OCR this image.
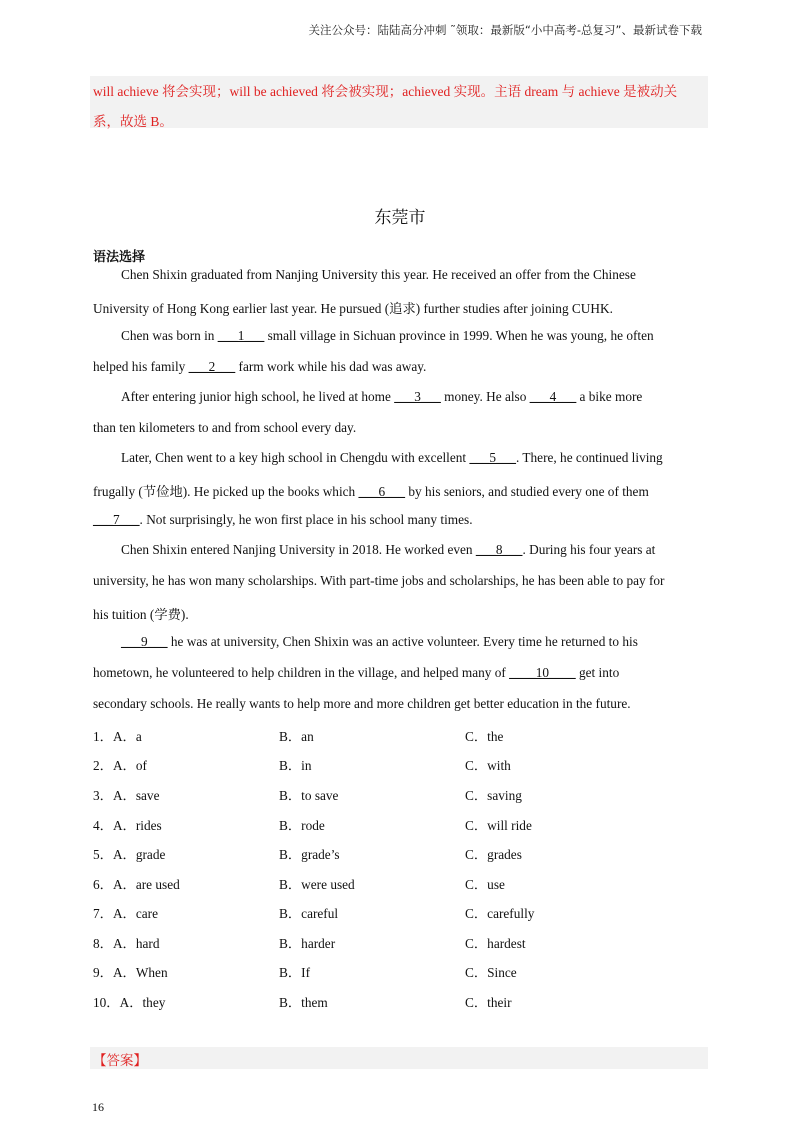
关注公众号：陆陆高分冲刺 ˜领取：最新版“小中高考-总复习”、最新试卷下载
will achieve 将会实现；will be achieved 将会被实现；achieved 实现。主语 dream 与 achieve 是被动关
系，故选 B。
东莞市
语法选择
Chen Shixin graduated from Nanjing University this year. He received an offer from the Chinese
University of Hong Kong earlier last year. He pursued (追求) further studies after joining CUHK.
Chen was born in ___1___ small village in Sichuan province in 1999. When he was young, he often
helped his family ___2___ farm work while his dad was away.
After entering junior high school, he lived at home ___3___ money. He also ___4___ a bike more
than ten kilometers to and from school every day.
Later, Chen went to a key high school in Chengdu with excellent ___5___. There, he continued living
frugally (节俭地). He picked up the books which ___6___ by his seniors, and studied every one of them
___7___. Not surprisingly, he won first place in his school many times.
Chen Shixin entered Nanjing University in 2018. He worked even ___8___. During his four years at
university, he has won many scholarships. With part-time jobs and scholarships, he has been able to pay for
his tuition (学费).
___9___ he was at university, Chen Shixin was an active volunteer. Every time he returned to his
hometown, he volunteered to help children in the village, and helped many of ____10____ get into
secondary schools. He really wants to help more and more children get better education in the future.
1．A．a	B．an	C．the
2．A．of	B．in	C．with
3．A．save	B．to save	C．saving
4．A．rides	B．rode	C．will ride
5．A．grade	B．grade’s	C．grades
6．A．are used	B．were used	C．use
7．A．care	B．careful	C．carefully
8．A．hard	B．harder	C．hardest
9．A．When	B．If	C．Since
10．A．they	B．them	C．their
【答案】
16
